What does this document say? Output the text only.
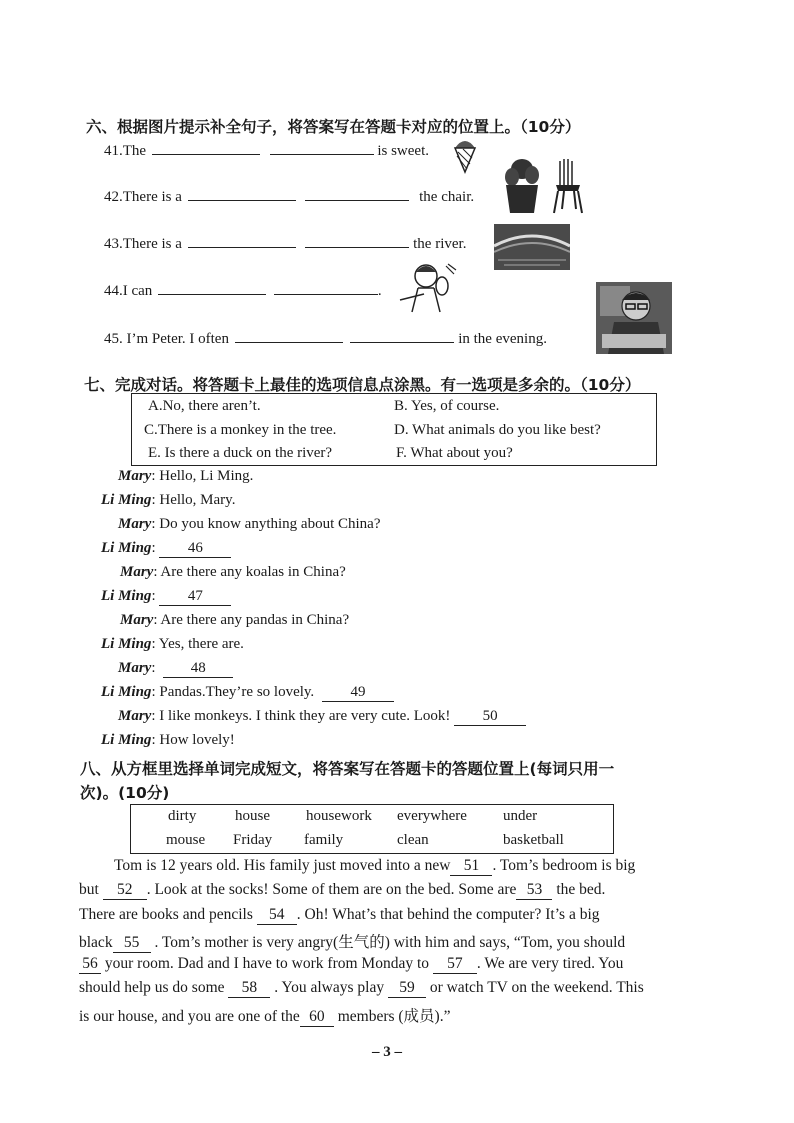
六、根据图片提示补全句子，将答案写在答题卡对应的位置上。（10分）
41.The	is sweet.
42.There is a	the chair.
43.There is a	the river.
44.I can	.
45. I’m Peter. I often	in the evening.
七、完成对话。将答题卡上最佳的选项信息点涂黑。有一选项是多余的。（10分）
A.No, there aren’t.	B. Yes, of course.
C.There is a monkey in the tree.	D. What animals do you like best?
E. Is there a duck on the river?	F. What about you?
Mary: Hello, Li Ming.
Li Ming: Hello, Mary.
Mary: Do you know anything about China?
Li Ming: 46
Mary: Are there any koalas in China?
Li Ming: 47
Mary: Are there any pandas in China?
Li Ming: Yes, there are.
Mary: 48
Li Ming: Pandas.They’re so lovely. 49
Mary: I like monkeys. I think they are very cute. Look! 50
Li Ming: How lovely!
八、从方框里选择单词完成短文，将答案写在答题卡的答题位置上(每词只用一
次)。(10分)
dirty	house housework everywhere under
mouse Friday family	clean	basketball
Tom is 12 years old. His family just moved into a new 51 . Tom’s bedroom is big
but 52 . Look at the socks! Some of them are on the bed. Some are 53 the bed.
There are books and pencils 54 . Oh! What’s that behind the computer? It’s a big
black 55 . Tom’s mother is very angry(生气的) with him and says, “Tom, you should
56 your room. Dad and I have to work from Monday to 57 . We are very tired. You
should help us do some 58 . You always play 59 or watch TV on the weekend. This
is our house, and you are one of the 60 members (成员).”
– 3 –
